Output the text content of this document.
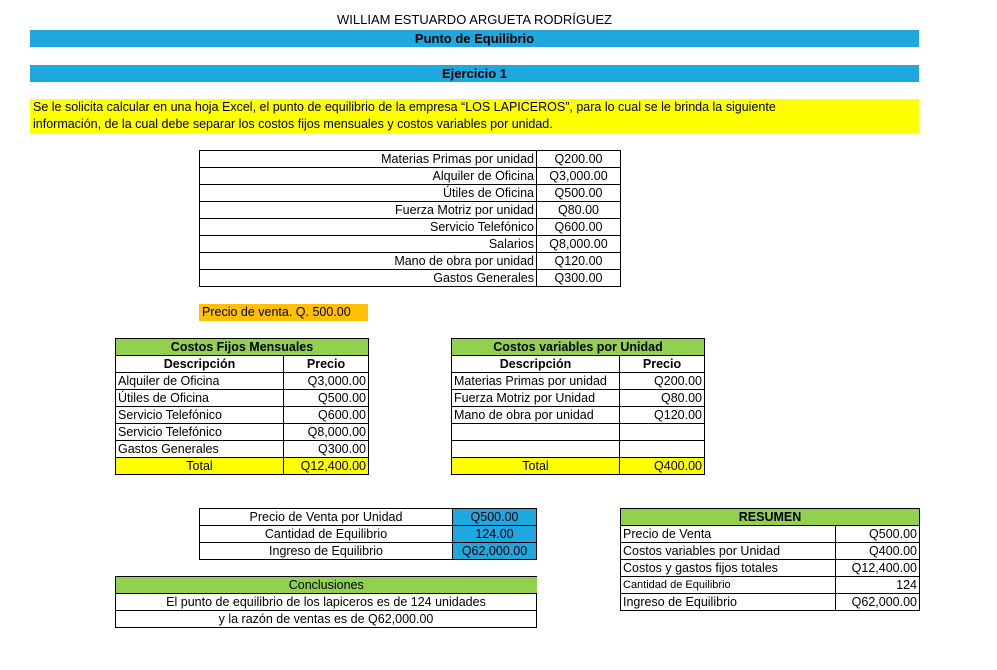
WILLIAM ESTUARDO ARGUETA RODRÍGUEZ
Punto de Equilibrio
Ejercicio 1
Se le solicita calcular en una hoja Excel, el punto de equilibrio de la empresa “LOS LAPICEROS”, para lo cual se le brinda la siguiente
información, de la cual debe separar los costos fijos mensuales y costos variables por unidad.
Materias Primas por unidad	Q200.00
Alquiler de Oficina	Q3,000.00
Útiles de Oficina	Q500.00
Fuerza Motriz por unidad	Q80.00
Servicio Telefónico	Q600.00
Salarios	Q8,000.00
Mano de obra por unidad	Q120.00
Gastos Generales	Q300.00
Precio de venta. Q. 500.00
Costos Fijos Mensuales	
Descripción	Precio
Alquiler de Oficina	Q3,000.00
Útiles de Oficina	Q500.00
Servicio Telefónico	Q600.00
Servicio Telefónico	Q8,000.00
Gastos Generales	Q300.00
Total	Q12,400.00
Costos variables por Unidad	
Descripción	Precio
Materias Primas por unidad	Q200.00
Fuerza Motriz por Unidad	Q80.00
Mano de obra por unidad	Q120.00

Total	Q400.00
Precio de Venta por Unidad	Q500.00
Cantidad de Equilibrio	124.00
Ingreso de Equilibrio	Q62,000.00
Conclusiones
El punto de equilibrio de los lapiceros es de 124 unidades
y la razón de ventas es de Q62,000.00
RESUMEN	
Precio de Venta	Q500.00
Costos variables por Unidad	Q400.00
Costos y gastos fijos totales	Q12,400.00
Cantidad de Equilibrio	124
Ingreso de Equilibrio	Q62,000.00
